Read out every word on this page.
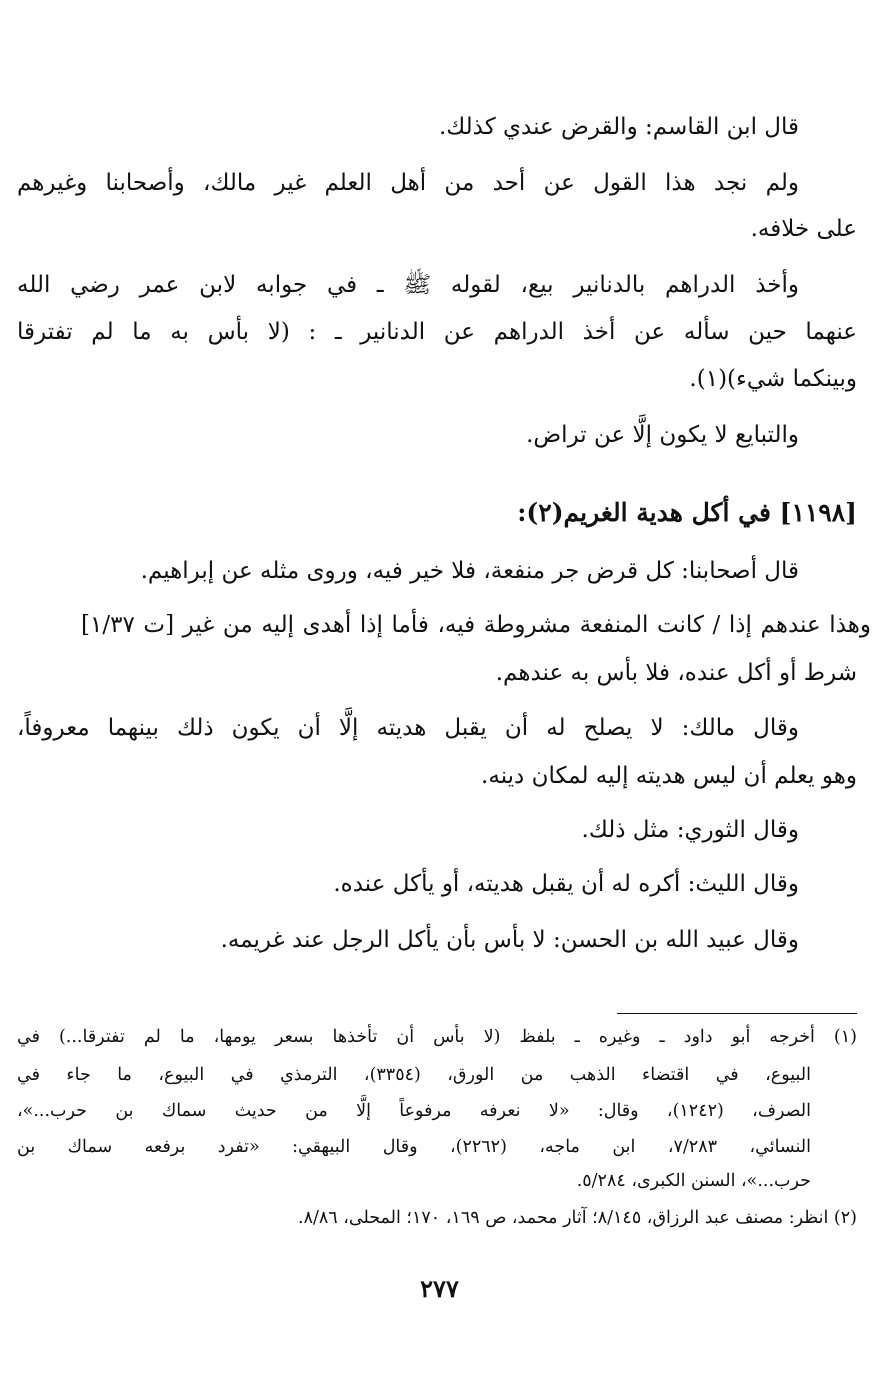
قال ابن القاسم: والقرض عندي كذلك.
ولم نجد هذا القول عن أحد من أهل العلم غير مالك، وأصحابنا وغيرهم
على خلافه.
وأخذ الدراهم بالدنانير بيع، لقوله ﷺ ـ في جوابه لابن عمر رضي الله
عنهما حين سأله عن أخذ الدراهم عن الدنانير ـ : (لا بأس به ما لم تفترقا
وبينكما شيء)(١).
والتبايع لا يكون إلَّا عن تراض.
[١١٩٨] في أكل هدية الغريم(٢):
قال أصحابنا: كل قرض جر منفعة، فلا خير فيه، وروى مثله عن إبراهيم.
وهذا عندهم إذا / كانت المنفعة مشروطة فيه، فأما إذا أهدى إليه من غير [ت ١/٣٧]
شرط أو أكل عنده، فلا بأس به عندهم.
وقال مالك: لا يصلح له أن يقبل هديته إلَّا أن يكون ذلك بينهما معروفاً،
وهو يعلم أن ليس هديته إليه لمكان دينه.
وقال الثوري: مثل ذلك.
وقال الليث: أكره له أن يقبل هديته، أو يأكل عنده.
وقال عبيد الله بن الحسن: لا بأس بأن يأكل الرجل عند غريمه.
(١) أخرجه أبو داود ـ وغيره ـ بلفظ (لا بأس أن تأخذها بسعر يومها، ما لم تفترقا...) في
البيوع، في اقتضاء الذهب من الورق، (٣٣٥٤)، الترمذي في البيوع، ما جاء في
الصرف، (١٢٤٢)، وقال: «لا نعرفه مرفوعاً إلَّا من حديث سماك بن حرب...»،
النسائي، ٧/٢٨٣، ابن ماجه، (٢٢٦٢)، وقال البيهقي: «تفرد برفعه سماك بن
حرب...»، السنن الكبرى، ٥/٢٨٤.
(٢) انظر: مصنف عبد الرزاق، ٨/١٤٥؛ آثار محمد، ص ١٦٩، ١٧٠؛ المحلى، ٨/٨٦.
٢٧٧
